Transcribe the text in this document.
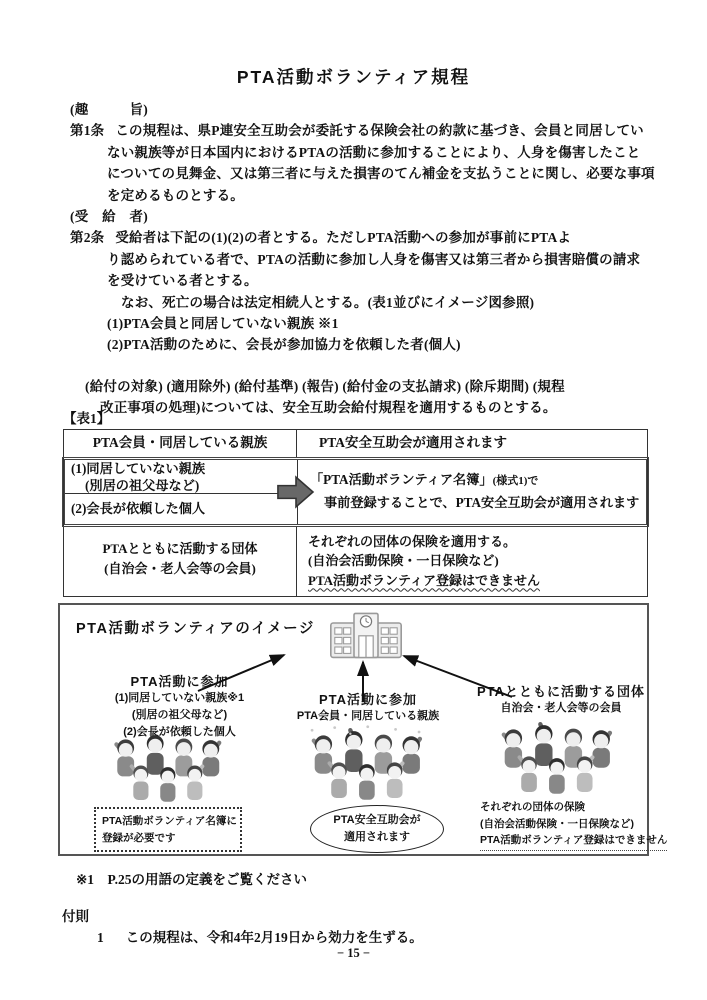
PTA活動ボランティア規程
(趣　　　旨)
第1条 この規程は、県P連安全互助会が委託する保険会社の約款に基づき、会員と同居してい
ない親族等が日本国内におけるPTAの活動に参加することにより、人身を傷害したこと
についての見舞金、又は第三者に与えた損害のてん補金を支払うことに関し、必要な事項
を定めるものとする。
(受　給　者)
第2条 受給者は下記の(1)(2)の者とする。ただしPTA活動への参加が事前にPTAよ
り認められている者で、PTAの活動に参加し人身を傷害又は第三者から損害賠償の請求
を受けている者とする。
なお、死亡の場合は法定相続人とする。(表1並びにイメージ図参照)
(1)PTA会員と同居していない親族 ※1
(2)PTA活動のために、会長が参加協力を依頼した者(個人)
(給付の対象) (適用除外) (給付基準) (報告) (給付金の支払請求) (除斥期間) (規程
改正事項の処理)については、安全互助会給付規程を適用するものとする。
【表1】
PTA会員・同居している親族	PTA安全互助会が適用されます
(1)同居していない親族
(別居の祖父母など)
(2)会長が依頼した個人
「PTA活動ボランティア名簿」(様式1)で
事前登録することで、PTA安全互助会が適用されます
PTAとともに活動する団体
(自治会・老人会等の会員)
それぞれの団体の保険を適用する。
(自治会活動保険・一日保険など)
PTA活動ボランティア登録はできません
PTA活動ボランティアのイメージ
PTA活動に参加
(1)同居していない親族※1
(別居の祖父母など)
(2)会長が依頼した個人
PTA活動ボランティア名簿に
登録が必要です
PTA活動に参加
PTA会員・同居している親族
PTA安全互助会が
適用されます
PTAとともに活動する団体
自治会・老人会等の会員
それぞれの団体の保険
(自治会活動保険・一日保険など)
PTA活動ボランティア登録はできません
※1　P.25の用語の定義をご覧ください
付則
1 この規程は、令和4年2月19日から効力を生ずる。
− 15 −
